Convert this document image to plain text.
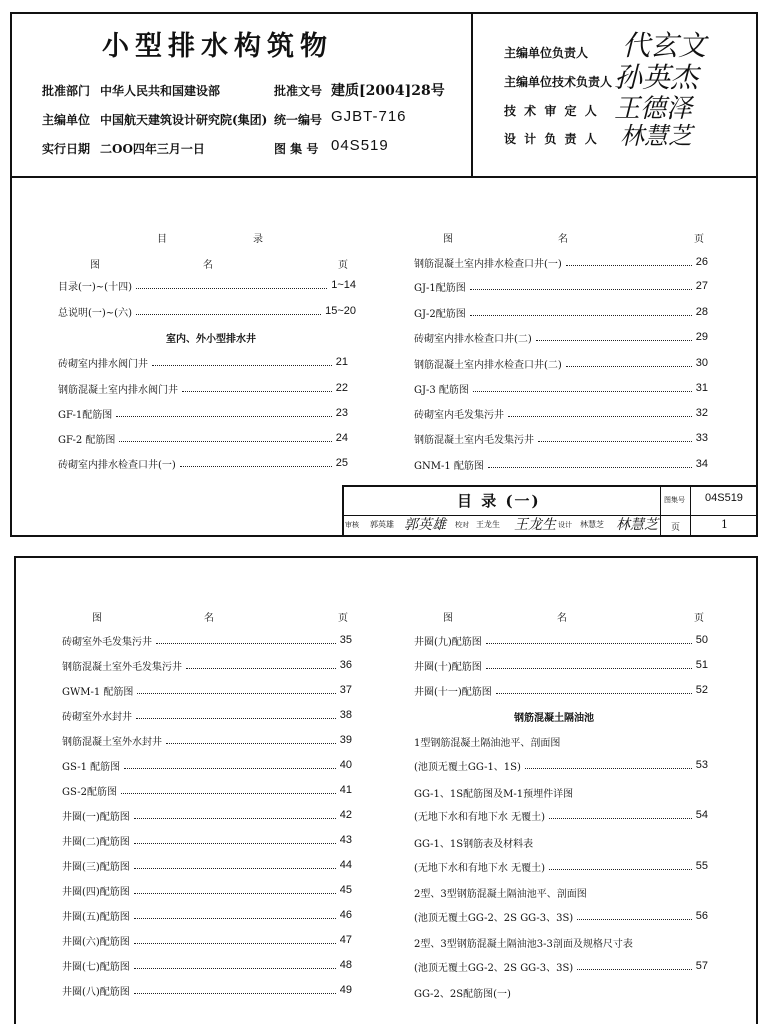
小型排水构筑物
批准部门 中华人民共和国建设部
主编单位 中国航天建筑设计研究院(集团)
实行日期 二OO四年三月一日
批准文号 建质[2004]28号
统一编号 GJBT-716
图 集 号 04S519
主编单位负责人 代玄文
主编单位技术负责人 孙英杰
技 术 审 定 人 王德泽
设 计 负 责 人 林慧芝
目	录
图	名	页
图	名	页
目录(一)~(十四)	1~14
总说明(一)~(六)	15~20
室内、外小型排水井
砖砌室内排水阀门井	21
钢筋混凝土室内排水阀门井	22
GF-1配筋图	23
GF-2 配筋图	24
砖砌室内排水检查口井(一)	25
钢筋混凝土室内排水检查口井(一)	26
GJ-1配筋图	27
GJ-2配筋图	28
砖砌室内排水检查口井(二)	29
钢筋混凝土室内排水检查口井(二)	30
GJ-3 配筋图	31
砖砌室内毛发集污井	32
钢筋混凝土室内毛发集污井	33
GNM-1 配筋图	34
目 录 (一)	图集号 04S519
页	1
审核 郭英雄 郭英雄 校对 王龙生 王龙生 设计 林慧芝 林慧芝
图	名	页	图	名	页
砖砌室外毛发集污井	35
钢筋混凝土室外毛发集污井	36
GWM-1 配筋图	37
砖砌室外水封井	38
钢筋混凝土室外水封井	39
GS-1 配筋图	40
GS-2配筋图	41
井圈(一)配筋图	42
井圈(二)配筋图	43
井圈(三)配筋图	44
井圈(四)配筋图	45
井圈(五)配筋图	46
井圈(六)配筋图	47
井圈(七)配筋图	48
井圈(八)配筋图	49
井圈(九)配筋图	50
井圈(十)配筋图	51
井圈(十一)配筋图	52
钢筋混凝土隔油池
1型钢筋混凝土隔油池平、剖面图
(池顶无覆土GG-1、1S)	53
GG-1、1S配筋图及M-1预埋件详图
(无地下水和有地下水 无覆土)	54
GG-1、1S钢筋表及材料表
(无地下水和有地下水 无覆土)	55
2型、3型钢筋混凝土隔油池平、剖面图
(池顶无覆土GG-2、2S GG-3、3S)	56
2型、3型钢筋混凝土隔油池3-3剖面及规格尺寸表
(池顶无覆土GG-2、2S GG-3、3S)	57
GG-2、2S配筋图(一)
